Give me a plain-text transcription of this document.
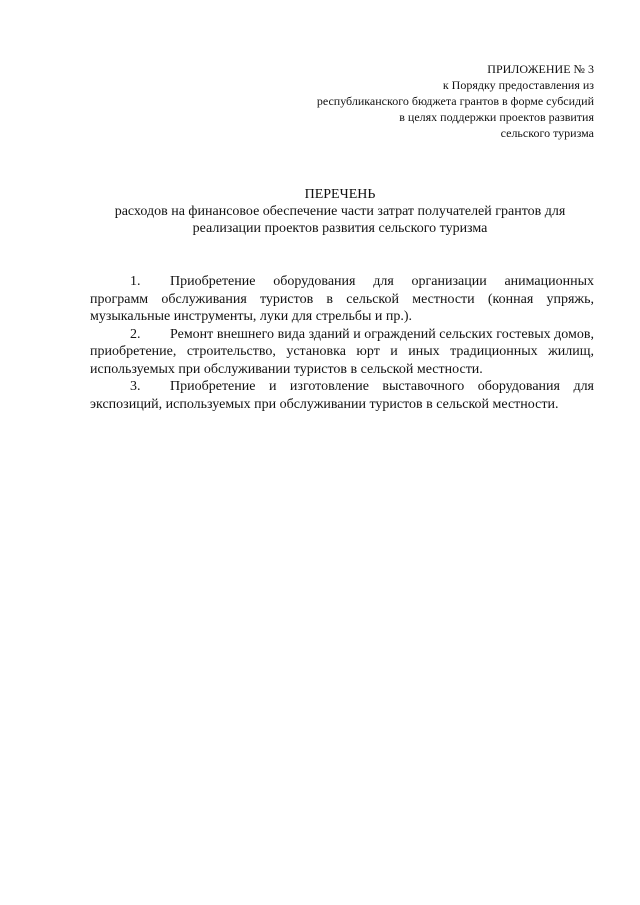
ПРИЛОЖЕНИЕ № 3
к Порядку предоставления из
республиканского бюджета грантов в форме субсидий
в целях поддержки проектов развития
сельского туризма
ПЕРЕЧЕНЬ
расходов на финансовое обеспечение части затрат получателей грантов для
реализации проектов развития сельского туризма

1. Приобретение оборудования для организации анимационных программ обслуживания туристов в сельской местности (конная упряжь, музыкальные инструменты, луки для стрельбы и пр.).

2. Ремонт внешнего вида зданий и ограждений сельских гостевых домов, приобретение, строительство, установка юрт и иных традиционных жилищ, используемых при обслуживании туристов в сельской местности.

3. Приобретение и изготовление выставочного оборудования для экспозиций, используемых при обслуживании туристов в сельской местности.
